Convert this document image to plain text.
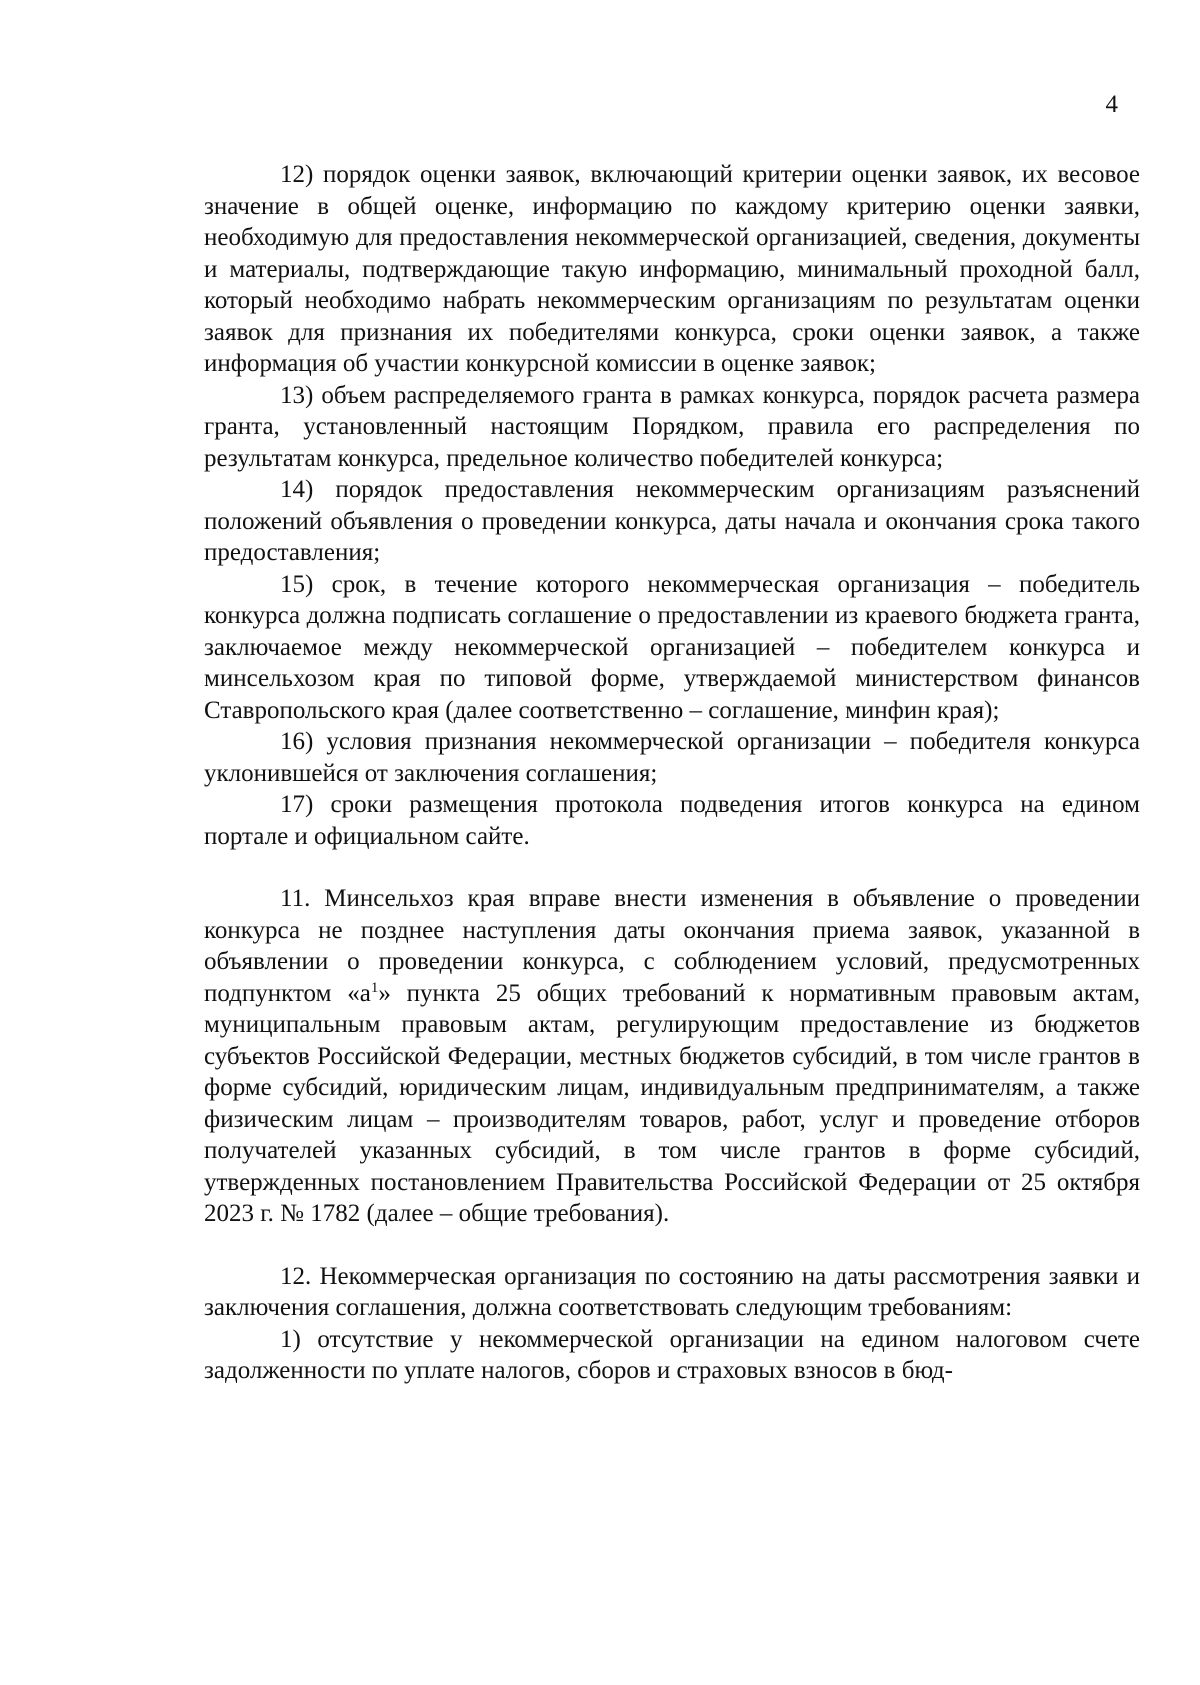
4

12) порядок оценки заявок, включающий критерии оценки заявок, их весовое значение в общей оценке, информацию по каждому критерию оценки заявки, необходимую для предоставления некоммерческой организацией, сведения, документы и материалы, подтверждающие такую информацию, минимальный проходной балл, который необходимо набрать некоммерческим организациям по результатам оценки заявок для признания их победителями конкурса, сроки оценки заявок, а также информация об участии конкурсной комиссии в оценке заявок;

13) объем распределяемого гранта в рамках конкурса, порядок расчета размера гранта, установленный настоящим Порядком, правила его распределения по результатам конкурса, предельное количество победителей конкурса;

14) порядок предоставления некоммерческим организациям разъяснений положений объявления о проведении конкурса, даты начала и окончания срока такого предоставления;

15) срок, в течение которого некоммерческая организация – победитель конкурса должна подписать соглашение о предоставлении из краевого бюджета гранта, заключаемое между некоммерческой организацией – победителем конкурса и минсельхозом края по типовой форме, утверждаемой министерством финансов Ставропольского края (далее соответственно – соглашение, минфин края);

16) условия признания некоммерческой организации – победителя конкурса уклонившейся от заключения соглашения;

17) сроки размещения протокола подведения итогов конкурса на едином портале и официальном сайте.

11. Минсельхоз края вправе внести изменения в объявление о проведении конкурса не позднее наступления даты окончания приема заявок, указанной в объявлении о проведении конкурса, с соблюдением условий, предусмотренных подпунктом «$а^1$» пункта 25 общих требований к нормативным правовым актам, муниципальным правовым актам, регулирующим предоставление из бюджетов субъектов Российской Федерации, местных бюджетов субсидий, в том числе грантов в форме субсидий, юридическим лицам, индивидуальным предпринимателям, а также физическим лицам – производителям товаров, работ, услуг и проведение отборов получателей указанных субсидий, в том числе грантов в форме субсидий, утвержденных постановлением Правительства Российской Федерации от 25 октября 2023 г. № 1782 (далее – общие требования).

12. Некоммерческая организация по состоянию на даты рассмотрения заявки и заключения соглашения, должна соответствовать следующим требованиям:

1) отсутствие у некоммерческой организации на едином налоговом счете задолженности по уплате налогов, сборов и страховых взносов в бюд-
